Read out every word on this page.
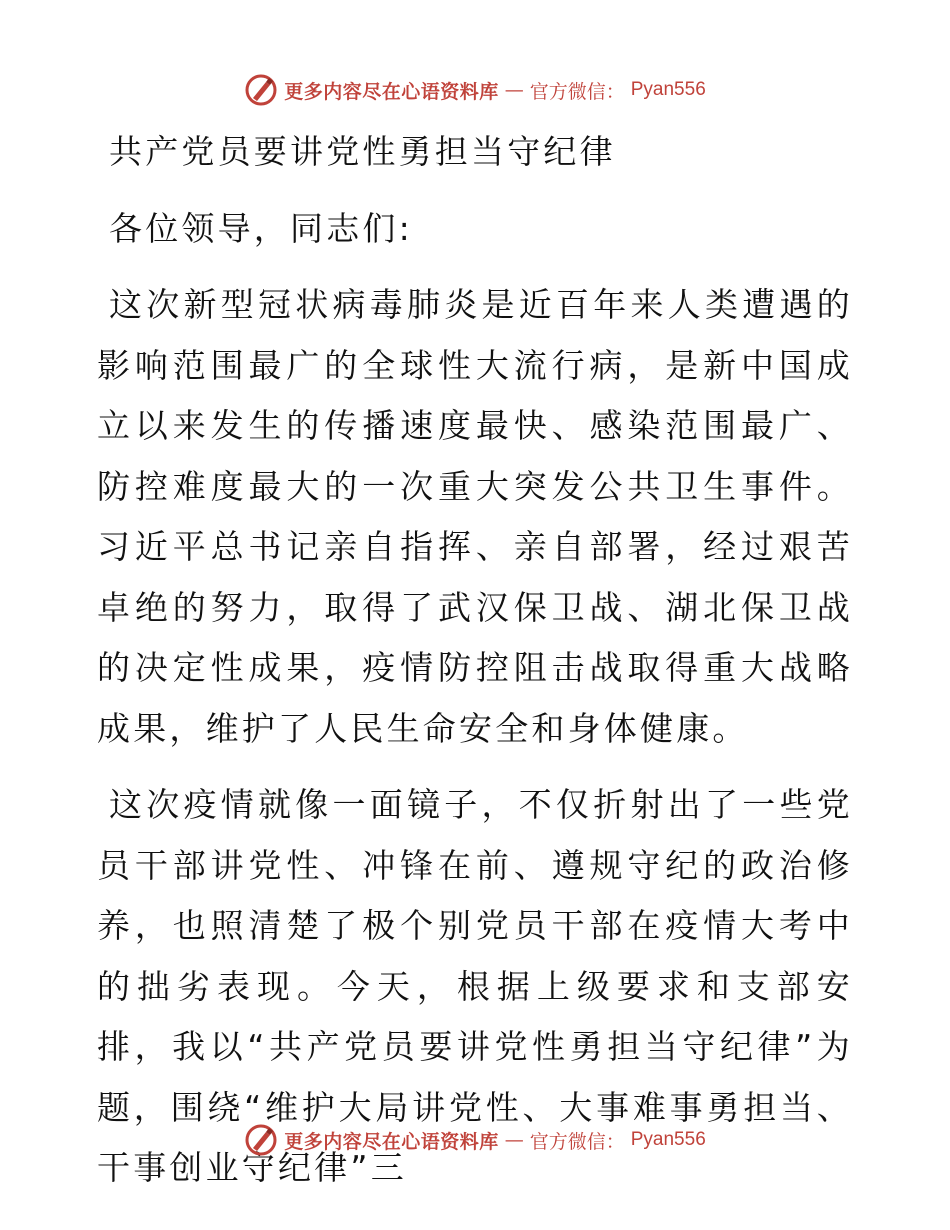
更多内容尽在心语资料库 — 官方微信： Pyan556

共产党员要讲党性勇担当守纪律

各位领导，同志们:

这次新型冠状病毒肺炎是近百年来人类遭遇的影响范围最广的全球性大流行病，是新中国成立以来发生的传播速度最快、感染范围最广、防控难度最大的一次重大突发公共卫生事件。习近平总书记亲自指挥、亲自部署，经过艰苦卓绝的努力，取得了武汉保卫战、湖北保卫战的决定性成果，疫情防控阻击战取得重大战略成果，维护了人民生命安全和身体健康。

这次疫情就像一面镜子，不仅折射出了一些党员干部讲党性、冲锋在前、遵规守纪的政治修养，也照清楚了极个别党员干部在疫情大考中的拙劣表现。今天，根据上级要求和支部安排，我以“共产党员要讲党性勇担当守纪律”为题，围绕“维护大局讲党性、大事难事勇担当、干事创业守纪律”三

更多内容尽在心语资料库 — 官方微信： Pyan556
